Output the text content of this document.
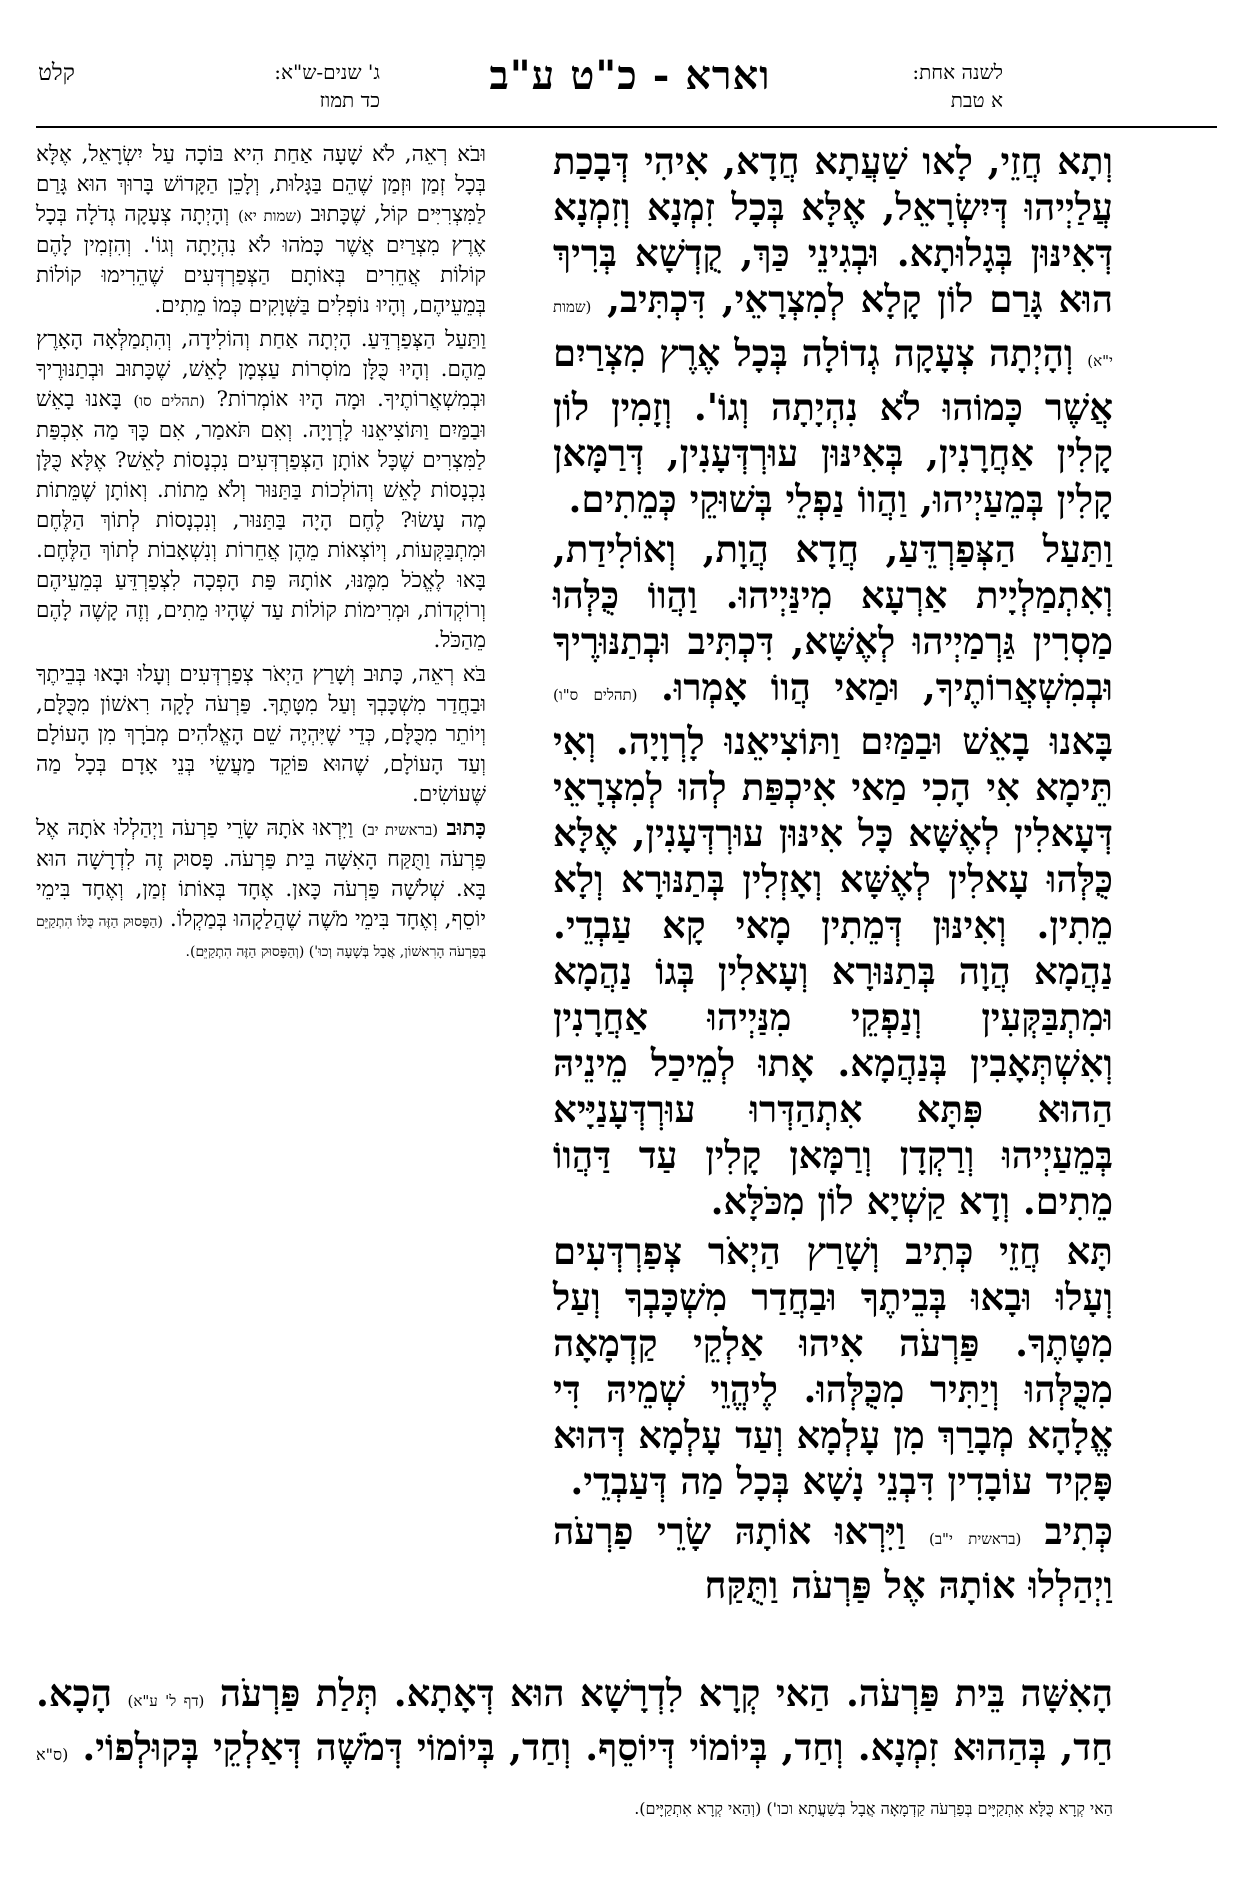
לשנה אחת:
א טבת
וארא - כ"ט ע"ב
ג' שנים-ש"א:
כד תמוז
קלט

וְתָא חֲזֵי, לָאו שַׁעֲתָא חֲדָא, אִיהִי דְּבָכַת עֲלַיְיהוּ דְּיִשְׂרָאֵל, אֶלָּא בְּכָל זִמְנָא וְזִמְנָא דְּאִינּוּן בְּגָלוּתָא. וּבְגִינֵי כַּךְ, קֻדְשָׁא בְּרִיךְ הוּא גָּרַם לוֹן קָלָא לְמִצְרָאֵי, דִּכְתִּיב, (שמות י"א) וְהָיְתָה צְעָקָה גְדוֹלָה בְּכָל אֶרֶץ מִצְרַיִם אֲשֶׁר כָּמוֹהוּ לֹא נִהְיָתָה וְגוֹ'. וְזָמִין לוֹן קָלִין אַחֲרָנִין, בְּאִינּוּן עוּרְדְּעָנִין, דְּרַמָּאן קָלִין בְּמֵעַיְיהוּ, וַהֲווֹ נַפְלֵי בְּשׁוּקֵי כְּמֵתִים.

וַתַּעַל הַצְּפַרְדֵּעַ, חֲדָא הֲוָת, וְאוֹלִידַת, וְאִתְמַלְיָית אַרְעָא מִינַּיְיהוּ. וַהֲווֹ כֻּלְּהוּ מַסְרִין גַּרְמַיְיהוּ לְאֶשָּׁא, דִּכְתִּיב וּבְתַנּוּרֶיךָ וּבְמִשְׁאֲרוֹתֶיךָ, וּמַאי הֲווֹ אָמְרוּ. (תהלים ס"ו) בָּאנוּ בָאֵשׁ וּבַמַּיִם וַתּוֹצִיאֵנוּ לָרְוָיָה. וְאִי תֵּימָא אִי הָכִי מַאי אִיכְפַּת לְהוּ לְמִצְרָאֵי דְּעָאלִין לְאֶשָּׁא כָּל אִינּוּן עוּרְדְּעָנִין, אֶלָּא כֻּלְּהוּ עָאלִין לְאֶשָּׁא וְאָזְלִין בְּתַנּוּרָא וְלָא מֵתִין. וְאִינּוּן דְּמֵתִין מָאי קָא עַבְדֵי. נַהֲמָא הֲוָה בְּתַנּוּרָא וְעָאלִין בְּגוֹ נַהֲמָא וּמִתְבַּקְּעִין וְנַפְקֵי מִנַּיְיהוּ אַחֲרָנִין וְאִשְׁתְּאָבִין בְּנַהֲמָא. אָתוּ לְמֵיכַל מֵינֵיהּ הַהוּא פִּתָּא אִתְהַדְּרוּ עוּרְדְּעָנַיָּיא בְּמֵעַיְיהוּ וְרַקְדָן וְרַמָּאן קָלִין עַד דַּהֲווֹ מֵתִים. וְדָא קַשְׁיָא לוֹן מִכֹּלָּא.

תָּא חֲזֵי כְּתִיב וְשָׁרַץ הַיְאֹר צְפַרְדְּעִים וְעָלוּ וּבָאוּ בְּבֵיתֶךָ וּבַחֲדַר מִשְׁכָּבְךָ וְעַל מִטָּתֶךָ. פַּרְעֹה אִיהוּ אַלְקֵי קַדְמָאָה מִכֻּלְּהוּ וְיַתִּיר מִכֻּלְּהוּ. לֶיהֱוֵי שְׁמֵיהּ דִּי אֱלָהָא מְבָרַךְ מִן עָלְמָא וְעַד עָלְמָא דְּהוּא פָּקִיד עוֹבָדִין דִּבְנֵי נָשָׁא בְּכָל מַה דְּעַבְדֵי.

כְּתִיב (בראשית י"ב) וַיִּרְאוּ אוֹתָהּ שָׂרֵי פַרְעֹה וַיְהַלְלוּ אוֹתָהּ אֶל פַּרְעֹה וַתֻּקַּח

וּבֹא רְאֵה, לֹא שָׁעָה אַחַת הִיא בּוֹכָה עַל יִשְׂרָאֵל, אֶלָּא בְּכָל זְמַן וּזְמַן שֶׁהֵם בַּגָּלוּת, וְלָכֵן הַקָּדוֹשׁ בָּרוּךְ הוּא גָּרַם לַמִּצְרִיִּים קוֹל, שֶׁכָּתוּב (שמות יא) וְהָיְתָה צְעָקָה גְדֹלָה בְּכָל אֶרֶץ מִצְרַיִם אֲשֶׁר כָּמֹהוּ לֹא נִהְיָתָה וְגוֹ'. וְהִזְמִין לָהֶם קוֹלוֹת אֲחֵרִים בְּאוֹתָם הַצְּפַרְדְּעִים שֶׁהֵרִימוּ קוֹלוֹת בְּמֵעֵיהֶם, וְהָיוּ נוֹפְלִים בַּשְּׁוָקִים כְּמוֹ מֵתִים.

וַתַּעַל הַצְּפַרְדֵּעַ. הָיְתָה אַחַת וְהוֹלִידָה, וְהִתְמַלְּאָה הָאָרֶץ מֵהֶם. וְהָיוּ כֻּלָּן מוֹסְרוֹת עַצְמָן לָאֵשׁ, שֶׁכָּתוּב וּבְתַנּוּרֶיךָ וּבְמִשְׁאֲרוֹתֶיךָ. וּמָה הָיוּ אוֹמְרוֹת? (תהלים סו) בָּאנוּ בָאֵשׁ וּבַמַּיִם וַתּוֹצִיאֵנוּ לָרְוָיָה. וְאִם תֹּאמַר, אִם כָּךְ מַה אִכְפַּת לַמִּצְרִים שֶׁכָּל אוֹתָן הַצְּפַרְדְּעִים נִכְנָסוֹת לָאֵשׁ? אֶלָּא כֻּלָּן נִכְנָסוֹת לָאֵשׁ וְהוֹלְכוֹת בַּתַּנּוּר וְלֹא מֵתוֹת. וְאוֹתָן שֶׁמֵּתוֹת מֶה עָשׂוּ? לֶחֶם הָיָה בַּתַּנּוּר, וְנִכְנָסוֹת לְתוֹךְ הַלֶּחֶם וּמִתְבַּקְּעוֹת, וְיוֹצְאוֹת מֵהֶן אֲחֵרוֹת וְנִשְׁאָבוֹת לְתוֹךְ הַלֶּחֶם. בָּאוּ לֶאֱכֹל מִמֶּנּוּ, אוֹתָהּ פַּת הָפְכָה לִצְפַרְדֵּעַ בְּמֵעֵיהֶם וְרוֹקְדוֹת, וּמְרִימוֹת קוֹלוֹת עַד שֶׁהָיוּ מֵתִים, וְזֶה קָשֶׁה לָהֶם מֵהַכֹּל.

בֹּא רְאֵה, כָּתוּב וְשָׁרַץ הַיְאֹר צְפַרְדְּעִים וְעָלוּ וּבָאוּ בְּבֵיתֶךָ וּבַחֲדַר מִשְׁכָּבְךָ וְעַל מִטָּתֶךָ. פַּרְעֹה לָקָה רִאשׁוֹן מִכֻּלָּם, וְיוֹתֵר מִכֻּלָּם, כְּדֵי שֶׁיִּהְיֶה שֵׁם הָאֱלֹהִים מְבֹרָךְ מִן הָעוֹלָם וְעַד הָעוֹלָם, שֶׁהוּא פּוֹקֵד מַעֲשֵׂי בְּנֵי אָדָם בְּכָל מַה שֶּׁעוֹשִׂים.

כָּתוּב (בראשית יב) וַיִּרְאוּ אֹתָהּ שָׂרֵי פַרְעֹה וַיְהַלְלוּ אֹתָהּ אֶל פַּרְעֹה וַתֻּקַּח הָאִשָּׁה בֵּית פַּרְעֹה. פָּסוּק זֶה לִדְרָשָׁה הוּא בָּא. שְׁלֹשָׁה פַּרְעֹה כָּאן. אֶחָד בְּאוֹתוֹ זְמַן, וְאֶחָד בִּימֵי יוֹסֵף, וְאֶחָד בִּימֵי מֹשֶׁה שֶׁהֲלַקָהוּ בְּמַקְלוֹ. (הַפָּסוּק הַזֶּה כֻּלּוֹ הִתְקַיֵּם בְּפַרְעֹה הָרִאשׁוֹן, אֲבָל בְּשָׁעָה וְכוּ') (וְהַפָּסוּק הַזֶּה הִתְקַיֵּם).

הָאִשָּׁה בֵּית פַּרְעֹה. הַאי קְרָא לִדְרָשָׁא הוּא דְּאָתָא. תְּלַת פַּרְעֹה (דף ל' ע"א) הָכָא. חַד, בְּהַהוּא זִמְנָא. וְחַד, בְּיוֹמוֹי דְּיוֹסֵף. וְחַד, בְּיוֹמוֹי דְּמֹשֶׁה דְּאַלְקֵי בְּקוּלְפוֹי. (ס"א הַאי קְרָא כֻּלָּא אִתְקַיָּים בְּפַרְעֹה קַדְמָאָה אֲבָל בְּשַׁעֲתָא וכו') (וְהַאי קְרָא אִתְקַיָּים).
